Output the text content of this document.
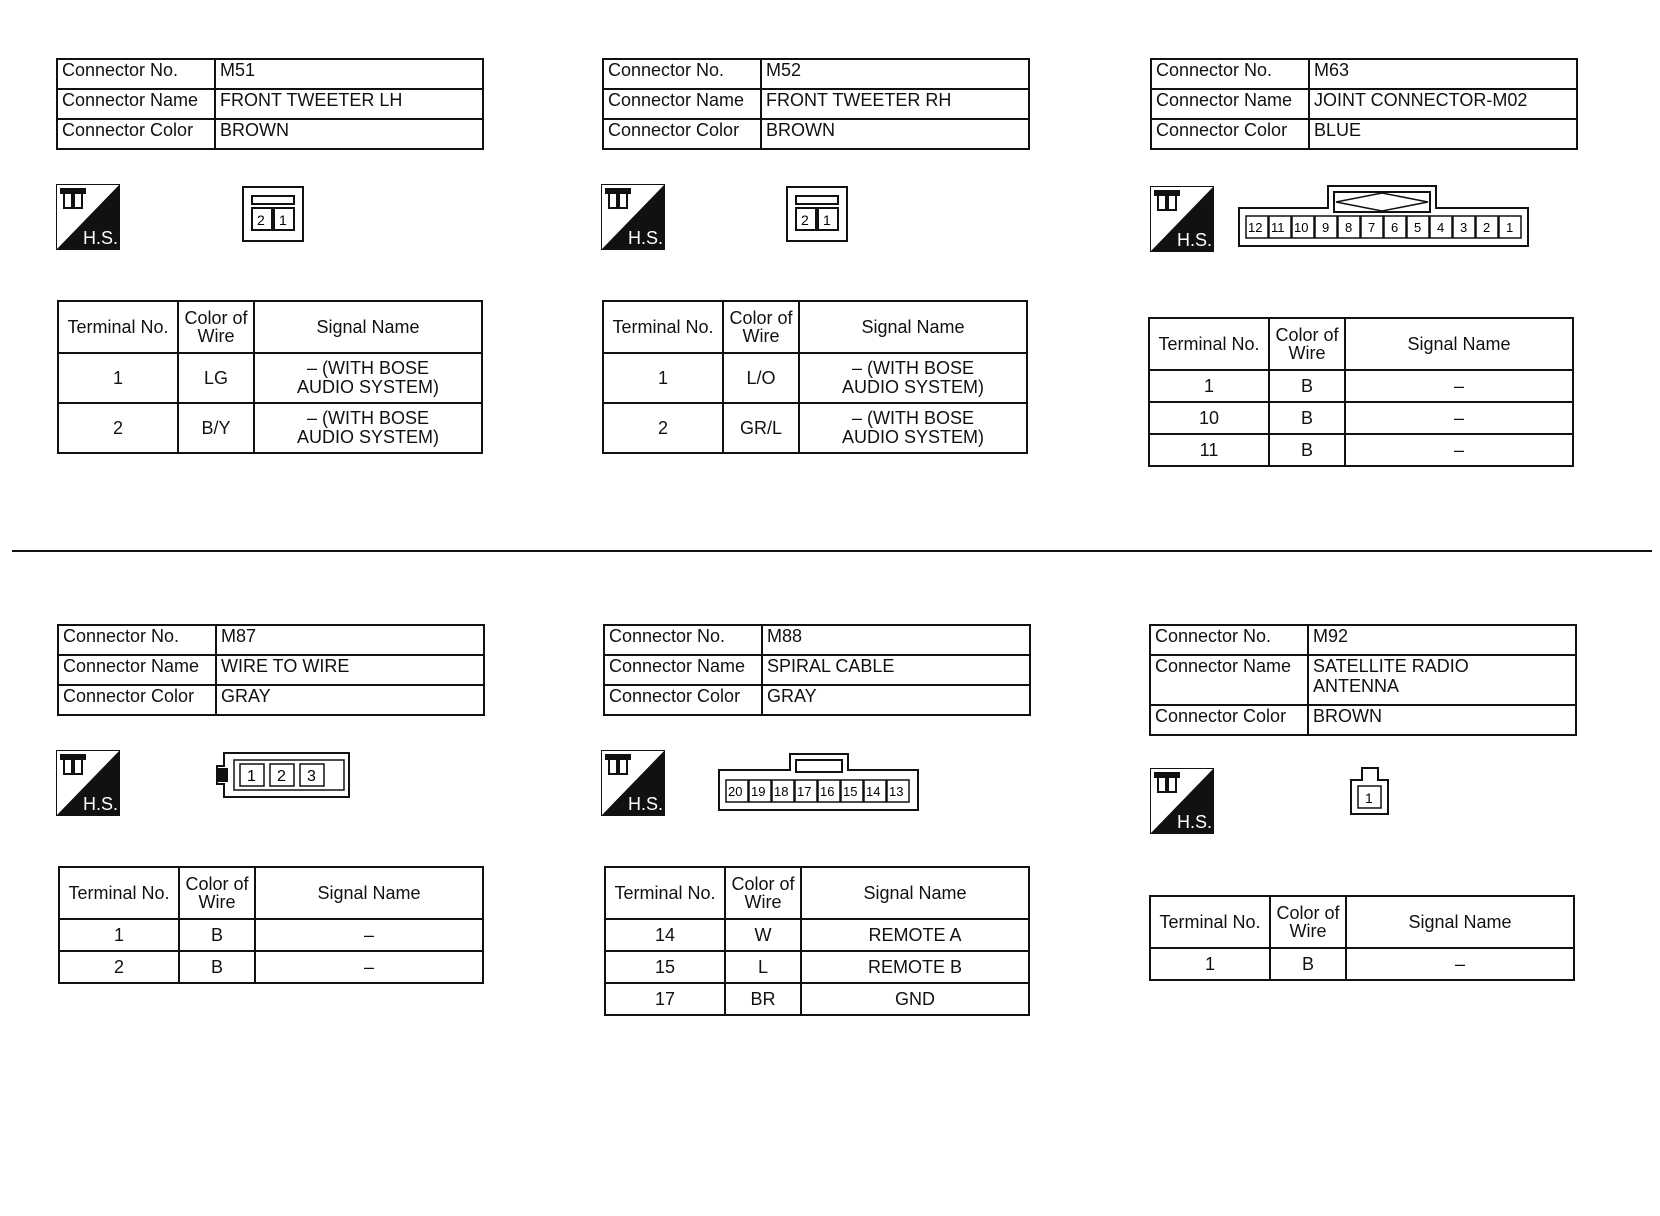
Connector No.	M51
Connector Name	FRONT TWEETER LH
Connector Color	BROWN
H.S.
2 1
Terminal No.	Color of Wire	Signal Name
1	LG	– (WITH BOSE AUDIO SYSTEM)
2	B/Y	– (WITH BOSE AUDIO SYSTEM)
Connector No.	M52
Connector Name	FRONT TWEETER RH
Connector Color	BROWN
H.S.
2 1
Terminal No.	Color of Wire	Signal Name
1	L/O	– (WITH BOSE AUDIO SYSTEM)
2	GR/L	– (WITH BOSE AUDIO SYSTEM)
Connector No.	M63
Connector Name	JOINT CONNECTOR-M02
Connector Color	BLUE
H.S.
12 11 10 9 8 7 6 5 4 3 2 1
Terminal No.	Color of Wire	Signal Name
1	B	–
10	B	–
11	B	–
Connector No.	M87
Connector Name	WIRE TO WIRE
Connector Color	GRAY
H.S.
1 2 3
Terminal No.	Color of Wire	Signal Name
1	B	–
2	B	–
Connector No.	M88
Connector Name	SPIRAL CABLE
Connector Color	GRAY
H.S.
20 19 18 17 16 15 14 13
Terminal No.	Color of Wire	Signal Name
14	W	REMOTE A
15	L	REMOTE B
17	BR	GND
Connector No.	M92
Connector Name	SATELLITE RADIO ANTENNA
Connector Color	BROWN
H.S.
1
Terminal No.	Color of Wire	Signal Name
1	B	–
